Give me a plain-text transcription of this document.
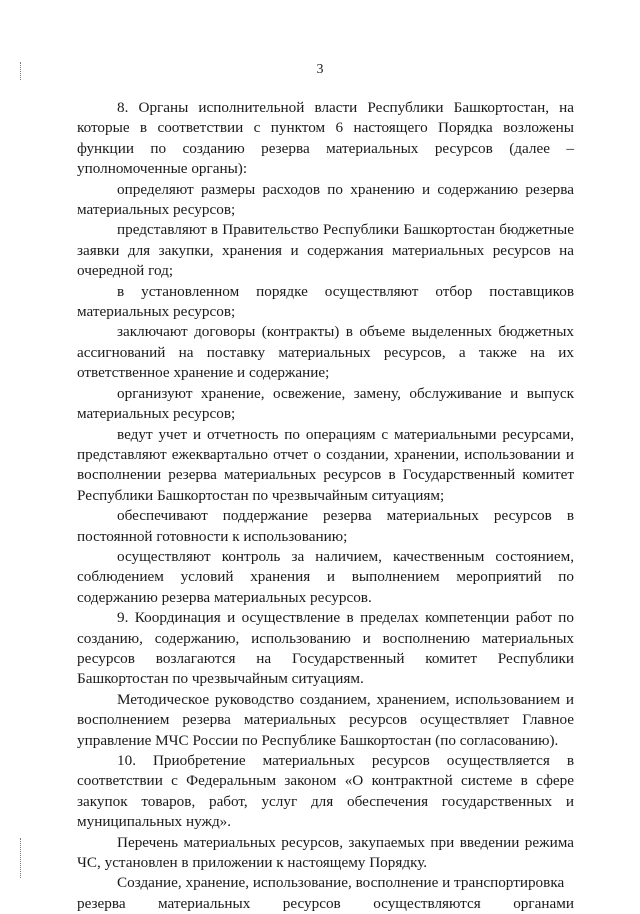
3

8. Органы исполнительной власти Республики Башкортостан, на которые в соответствии с пунктом 6 настоящего Порядка возложены функции по созданию резерва материальных ресурсов (далее – уполномоченные органы):

определяют размеры расходов по хранению и содержанию резерва материальных ресурсов;

представляют в Правительство Республики Башкортостан бюджетные заявки для закупки, хранения и содержания материальных ресурсов на очередной год;

в установленном порядке осуществляют отбор поставщиков материальных ресурсов;

заключают договоры (контракты) в объеме выделенных бюджетных ассигнований на поставку материальных ресурсов, а также на их ответственное хранение и содержание;

организуют хранение, освежение, замену, обслуживание и выпуск материальных ресурсов;

ведут учет и отчетность по операциям с материальными ресурсами, представляют ежеквартально отчет о создании, хранении, использовании и восполнении резерва материальных ресурсов в Государственный комитет Республики Башкортостан по чрезвычайным ситуациям;

обеспечивают поддержание резерва материальных ресурсов в постоянной готовности к использованию;

осуществляют контроль за наличием, качественным состоянием, соблюдением условий хранения и выполнением мероприятий по содержанию резерва материальных ресурсов.

9. Координация и осуществление в пределах компетенции работ по созданию, содержанию, использованию и восполнению материальных ресурсов возлагаются на Государственный комитет Республики Башкортостан по чрезвычайным ситуациям.

Методическое руководство созданием, хранением, использованием и восполнением резерва материальных ресурсов осуществляет Главное управление МЧС России по Республике Башкортостан (по согласованию).

10. Приобретение материальных ресурсов осуществляется в соответствии с Федеральным законом «О контрактной системе в сфере закупок товаров, работ, услуг для обеспечения государственных и муниципальных нужд».

Перечень материальных ресурсов, закупаемых при введении режима ЧС, установлен в приложении к настоящему Порядку.

Создание, хранение, использование, восполнение и транспортировка

резерва материальных ресурсов осуществляются органами
